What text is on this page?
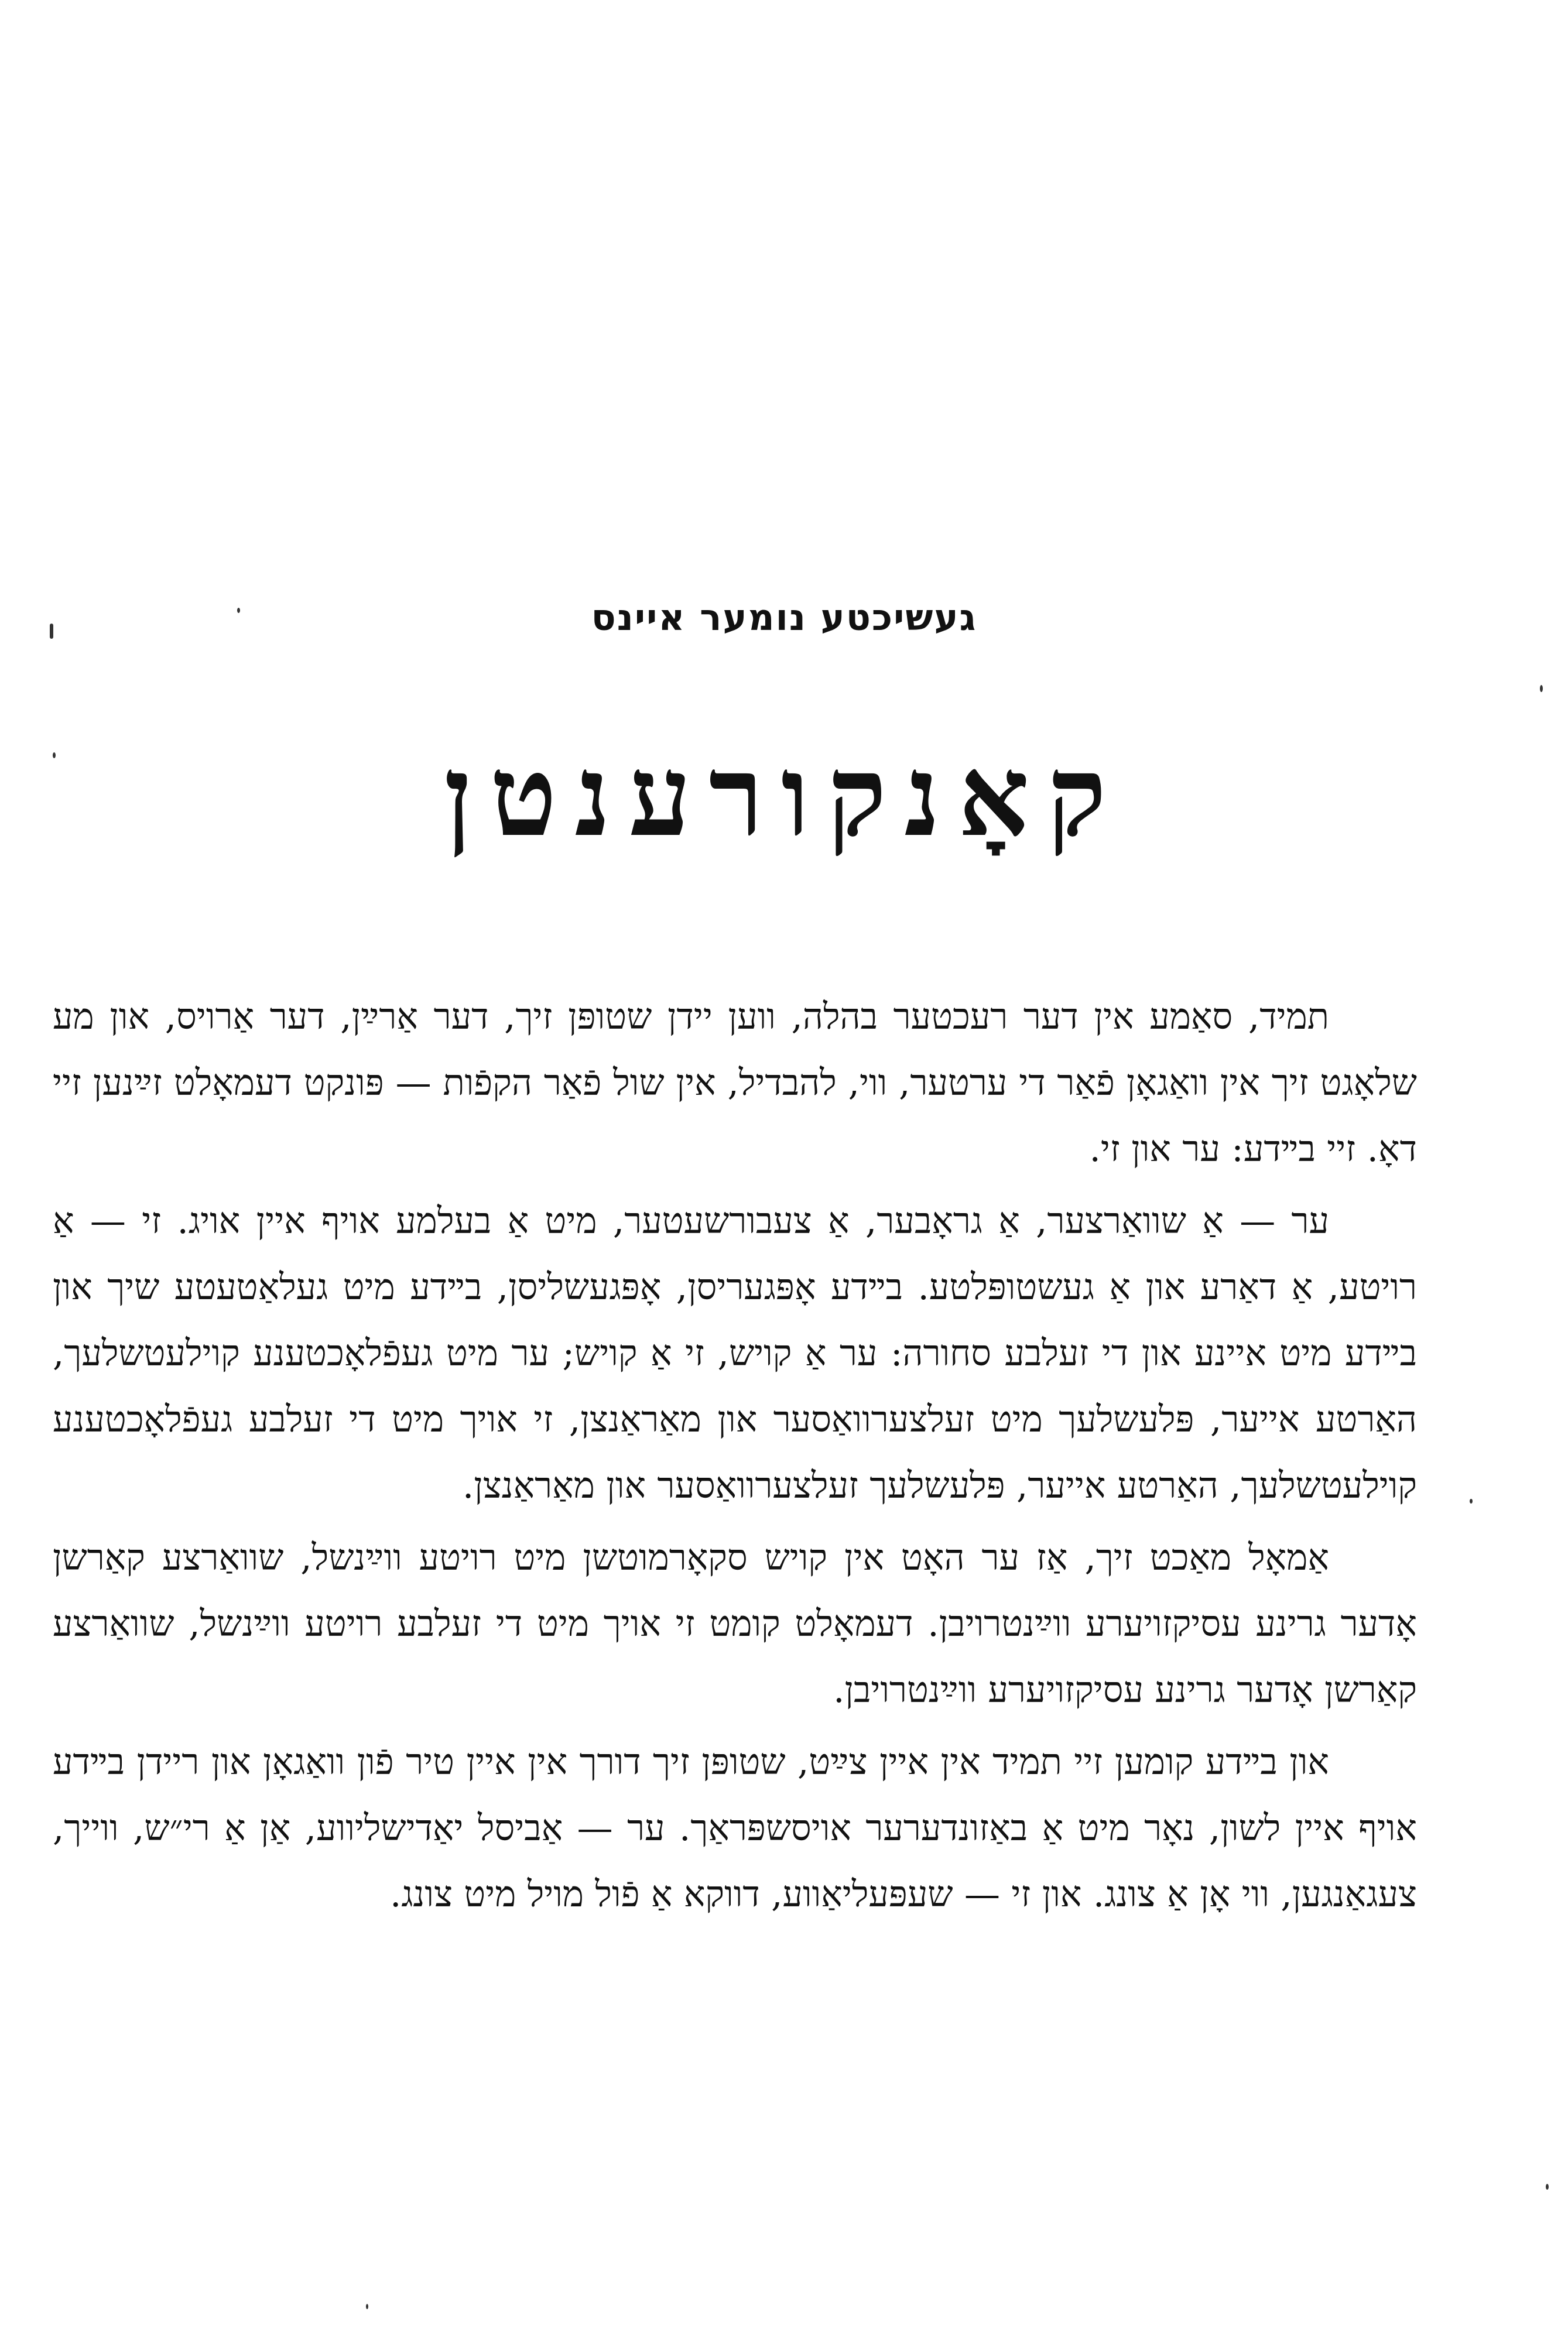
געשיכטע נומער איינס
קאָנקורענטן

תמיד, סאַמע אין דער רעכטער בהלה, ווען יידן שטופּן זיך, דער אַרײַן, דער אַרויס, און מע שלאָגט זיך אין וואַגאָן פֿאַר די ערטער, ווי, להבדיל, אין שול פֿאַר הקפֿות — פּונקט דעמאָלט זײַנען זיי דאָ. זיי בײדע: ער און זי.

ער — אַ שוואַרצער, אַ גראָבער, אַ צעבורשעטער, מיט אַ בעלמע אויף איין אויג. זי — אַ רויטע, אַ דאַרע און אַ געשטופּלטע. בײדע אָפּגעריסן, אָפּגעשליסן, בײדע מיט געלאַטעטע שיך און בײדע מיט איינע און די זעלבע סחורה: ער אַ קויש, זי אַ קויש; ער מיט געפֿלאָכטענע קוילעטשלעך, האַרטע אייער, פּלעשלעך מיט זעלצערוואַסער און מאַראַנצן, זי אויך מיט די זעלבע געפֿלאָכטענע קוילעטשלעך, האַרטע אייער, פּלעשלעך זעלצערוואַסער און מאַראַנצן.

אַמאָל מאַכט זיך, אַז ער האָט אין קויש סקאָרמוטשן מיט רויטע ווײַנשל, שוואַרצע קאַרשן אָדער גרינע עסיקזויערע ווײַנטרויבן. דעמאָלט קומט זי אויך מיט די זעלבע רויטע ווײַנשל, שוואַרצע קאַרשן אָדער גרינע עסיקזויערע ווײַנטרויבן.

און בײדע קומען זיי תמיד אין איין צײַט, שטופּן זיך דורך אין איין טיר פֿון וואַגאָן און ריידן בײדע אויף איין לשון, נאָר מיט אַ באַזונדערער אויסשפּראַך. ער — אַביסל יאַדישליווע, אַן אַ רי״ש, ווייך, צעגאַנגען, ווי אָן אַ צונג. און זי — שעפּעליאַווע, דווקא אַ פֿול מויל מיט צונג.
